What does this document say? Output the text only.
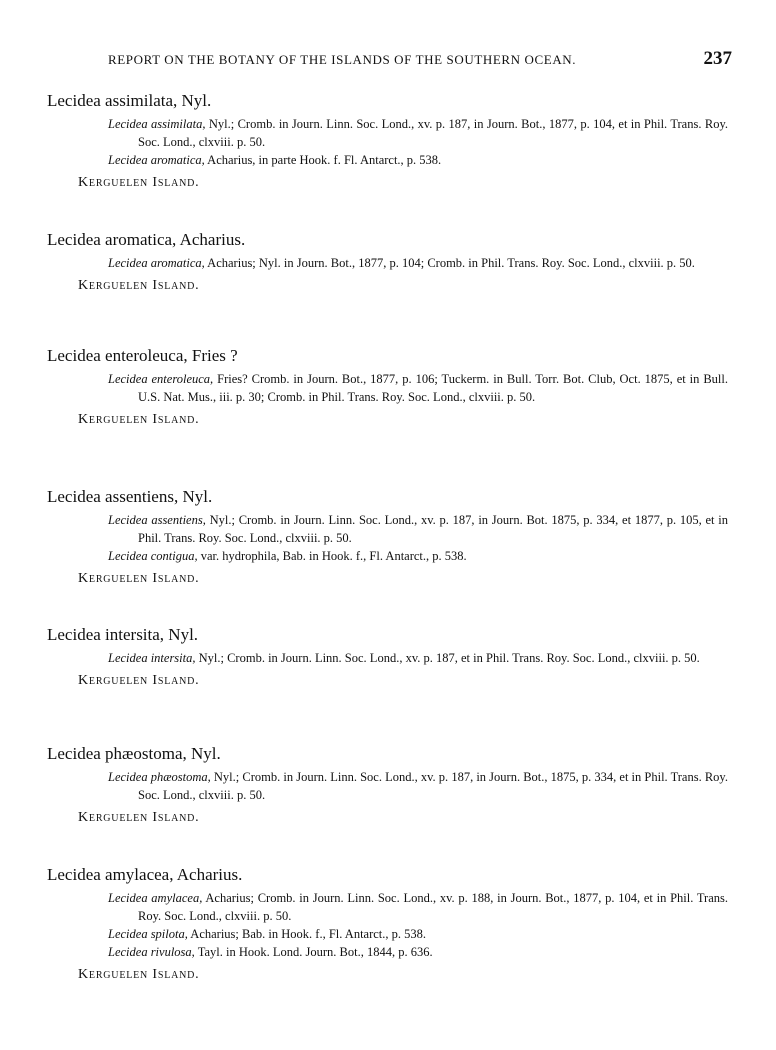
REPORT ON THE BOTANY OF THE ISLANDS OF THE SOUTHERN OCEAN.	237
Lecidea assimilata, Nyl.
Lecidea assimilata, Nyl.; Cromb. in Journ. Linn. Soc. Lond., xv. p. 187, in Journ. Bot., 1877, p. 104, et in Phil. Trans. Roy. Soc. Lond., clxviii. p. 50.
Lecidea aromatica, Acharius, in parte Hook. f. Fl. Antarct., p. 538.
Kerguelen Island.
Lecidea aromatica, Acharius.
Lecidea aromatica, Acharius; Nyl. in Journ. Bot., 1877, p. 104; Cromb. in Phil. Trans. Roy. Soc. Lond., clxviii. p. 50.
Kerguelen Island.
Lecidea enteroleuca, Fries ?
Lecidea enteroleuca, Fries? Cromb. in Journ. Bot., 1877, p. 106; Tuckerm. in Bull. Torr. Bot. Club, Oct. 1875, et in Bull. U.S. Nat. Mus., iii. p. 30; Cromb. in Phil. Trans. Roy. Soc. Lond., clxviii. p. 50.
Kerguelen Island.
Lecidea assentiens, Nyl.
Lecidea assentiens, Nyl.; Cromb. in Journ. Linn. Soc. Lond., xv. p. 187, in Journ. Bot. 1875, p. 334, et 1877, p. 105, et in Phil. Trans. Roy. Soc. Lond., clxviii. p. 50.
Lecidea contigua, var. hydrophila, Bab. in Hook. f., Fl. Antarct., p. 538.
Kerguelen Island.
Lecidea intersita, Nyl.
Lecidea intersita, Nyl.; Cromb. in Journ. Linn. Soc. Lond., xv. p. 187, et in Phil. Trans. Roy. Soc. Lond., clxviii. p. 50.
Kerguelen Island.
Lecidea phæostoma, Nyl.
Lecidea phæostoma, Nyl.; Cromb. in Journ. Linn. Soc. Lond., xv. p. 187, in Journ. Bot., 1875, p. 334, et in Phil. Trans. Roy. Soc. Lond., clxviii. p. 50.
Kerguelen Island.
Lecidea amylacea, Acharius.
Lecidea amylacea, Acharius; Cromb. in Journ. Linn. Soc. Lond., xv. p. 188, in Journ. Bot., 1877, p. 104, et in Phil. Trans. Roy. Soc. Lond., clxviii. p. 50.
Lecidea spilota, Acharius; Bab. in Hook. f., Fl. Antarct., p. 538.
Lecidea rivulosa, Tayl. in Hook. Lond. Journ. Bot., 1844, p. 636.
Kerguelen Island.
